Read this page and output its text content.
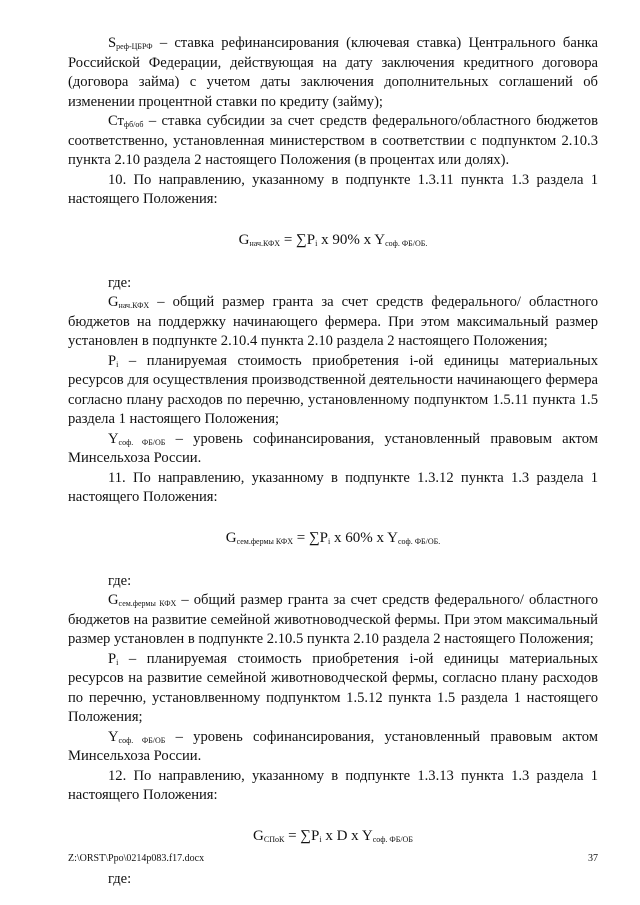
$S_{реф-ЦБРФ}$ – ставка рефинансирования (ключевая ставка) Центрального банка Российской Федерации, действующая на дату заключения кредитного договора (договора займа) с учетом даты заключения дополнительных соглашений об изменении процентной ставки по кредиту (займу);

$Ст_{фб/об}$ – ставка субсидии за счет средств федерального/областного бюджетов соответственно, установленная министерством в соответствии с подпунктом 2.10.3 пункта 2.10 раздела 2 настоящего Положения (в процентах или долях).

10. По направлению, указанному в подпункте 1.3.11 пункта 1.3 раздела 1 настоящего Положения:

$G_{нач.КФХ} = \sum P_i$ x 90% x $Y_{соф. ФБ/ОБ.}$

где:

$G_{нач.КФХ}$ – общий размер гранта за счет средств федерального/ областного бюджетов на поддержку начинающего фермера. При этом максимальный размер установлен в подпункте 2.10.4 пункта 2.10 раздела 2 настоящего Положения;

$P_i$ – планируемая стоимость приобретения i-ой единицы материальных ресурсов для осуществления производственной деятельности начинающего фермера согласно плану расходов по перечню, установленному подпунктом 1.5.11 пункта 1.5 раздела 1 настоящего Положения;

$Y_{соф. ФБ/ОБ}$ – уровень софинансирования, установленный правовым актом Минсельхоза России.

11. По направлению, указанному в подпункте 1.3.12 пункта 1.3 раздела 1 настоящего Положения:

$G_{сем.фермы КФХ} = \sum P_i$ x 60% x $Y_{соф. ФБ/ОБ.}$

где:

$G_{сем.фермы КФХ}$ – общий размер гранта за счет средств федерального/ областного бюджетов на развитие семейной животноводческой фермы. При этом максимальный размер установлен в подпункте 2.10.5 пункта 2.10 раздела 2 настоящего Положения;

$P_i$ – планируемая стоимость приобретения i-ой единицы материальных ресурсов на развитие семейной животноводческой фермы, согласно плану расходов по перечню, установлвенному подпунктом 1.5.12 пункта 1.5 раздела 1 настоящего Положения;

$Y_{соф. ФБ/ОБ}$ – уровень софинансирования, установленный правовым актом Минсельхоза России.

12. По направлению, указанному в подпункте 1.3.13 пункта 1.3 раздела 1 настоящего Положения:

$G_{СПоК} = \sum P_i$ x D x $Y_{соф. ФБ/ОБ}$

где:

Z:\ORST\Ppo\0214p083.f17.docx	37
